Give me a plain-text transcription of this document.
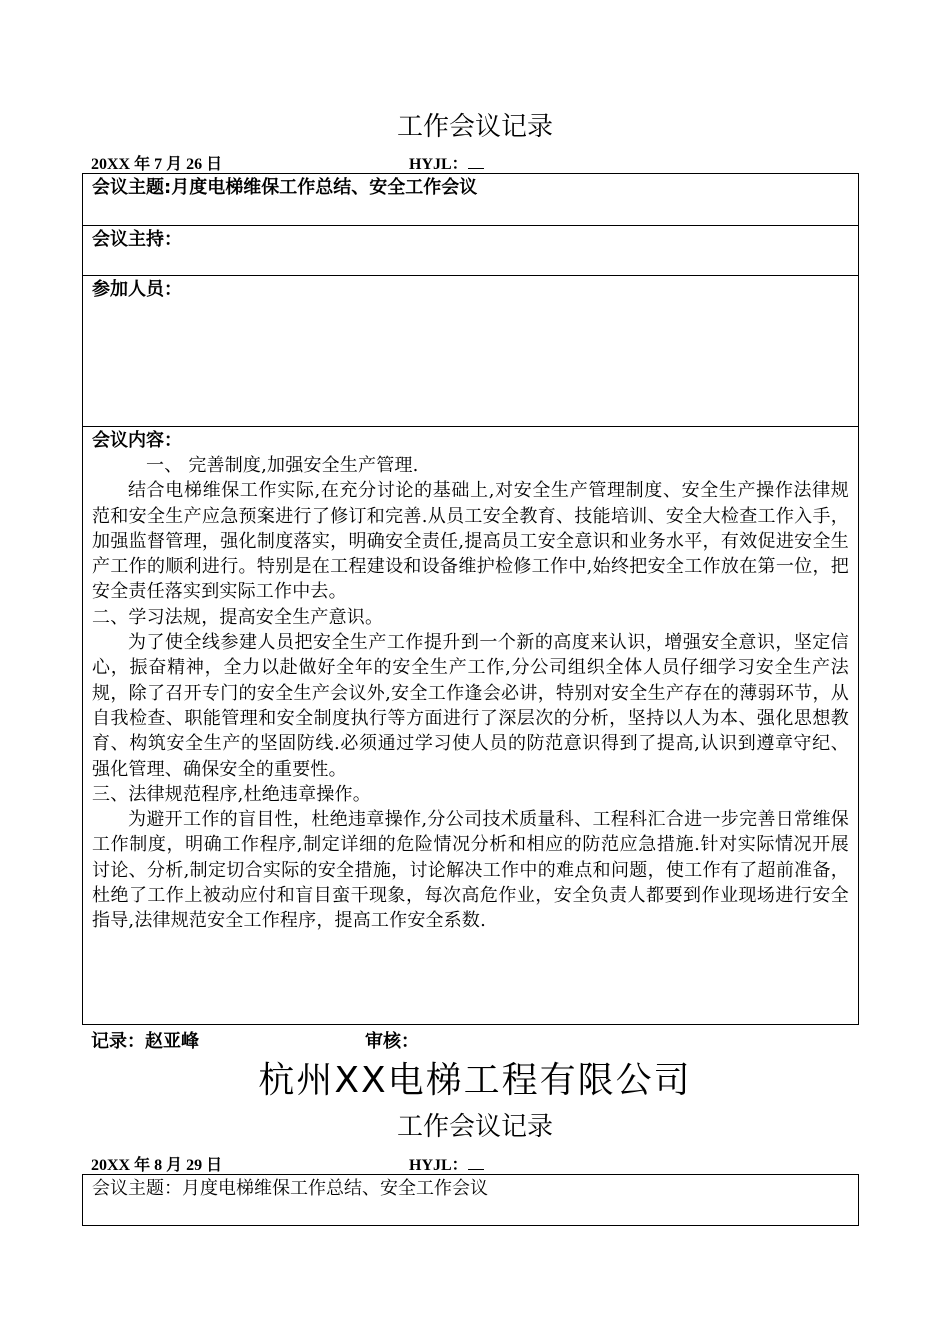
工作会议记录
20XX 年 7 月 26 日	HYJL：
会议主题:月度电梯维保工作总结、安全工作会议
会议主持：
参加人员：
会议内容：

一、 完善制度,加强安全生产管理.

结合电梯维保工作实际,在充分讨论的基础上,对安全生产管理制度、安全生产操作法律规范和安全生产应急预案进行了修订和完善.从员工安全教育、技能培训、安全大检查工作入手，加强监督管理，强化制度落实，明确安全责任,提高员工安全意识和业务水平，有效促进安全生产工作的顺利进行。特别是在工程建设和设备维护检修工作中,始终把安全工作放在第一位，把安全责任落实到实际工作中去。

二、学习法规，提高安全生产意识。

为了使全线参建人员把安全生产工作提升到一个新的高度来认识，增强安全意识，坚定信心，振奋精神，全力以赴做好全年的安全生产工作,分公司组织全体人员仔细学习安全生产法规，除了召开专门的安全生产会议外,安全工作逢会必讲，特别对安全生产存在的薄弱环节，从自我检查、职能管理和安全制度执行等方面进行了深层次的分析，坚持以人为本、强化思想教育、构筑安全生产的坚固防线.必须通过学习使人员的防范意识得到了提高,认识到遵章守纪、强化管理、确保安全的重要性。

三、法律规范程序,杜绝违章操作。

为避开工作的盲目性，杜绝违章操作,分公司技术质量科、工程科汇合进一步完善日常维保工作制度，明确工作程序,制定详细的危险情况分析和相应的防范应急措施.针对实际情况开展讨论、分析,制定切合实际的安全措施，讨论解决工作中的难点和问题，使工作有了超前准备，杜绝了工作上被动应付和盲目蛮干现象，每次高危作业，安全负责人都要到作业现场进行安全指导,法律规范安全工作程序，提高工作安全系数.

记录：赵亚峰	审核：
杭州XX电梯工程有限公司
工作会议记录
20XX 年 8 月 29 日	HYJL：
会议主题：月度电梯维保工作总结、安全工作会议
